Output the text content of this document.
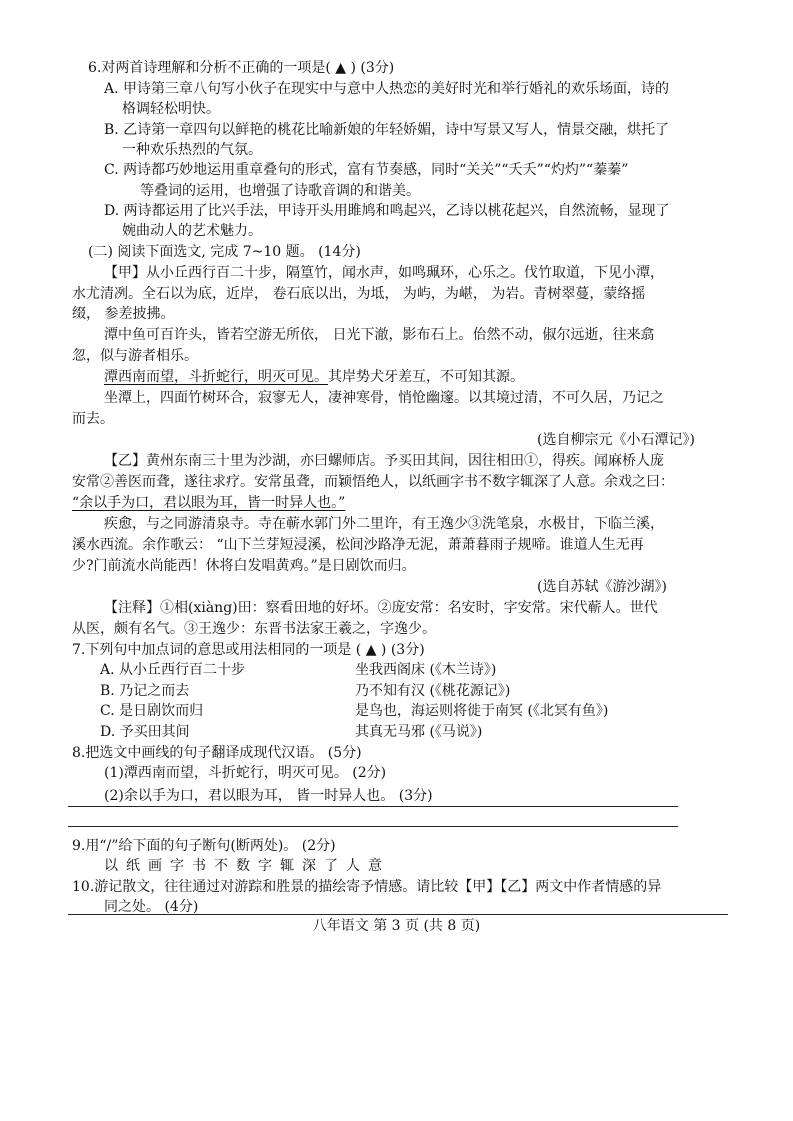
6.对两首诗理解和分析不正确的一项是( ▲ ) (3分)
A. 甲诗第三章八句写小伙子在现实中与意中人热恋的美好时光和举行婚礼的欢乐场面，诗的
格调轻松明快。
B. 乙诗第一章四句以鲜艳的桃花比喻新娘的年轻娇媚，诗中写景又写人，情景交融，烘托了
一种欢乐热烈的气氛。
C. 两诗都巧妙地运用重章叠句的形式，富有节奏感，同时“关关”“夭夭”“灼灼”“蓁蓁”
等叠词的运用，也增强了诗歌音调的和谐美。
D. 两诗都运用了比兴手法，甲诗开头用雎鸠和鸣起兴，乙诗以桃花起兴，自然流畅，显现了
婉曲动人的艺术魅力。
(二) 阅读下面选文, 完成 7~10 题。 (14分)
【甲】从小丘西行百二十步，隔篁竹，闻水声，如鸣珮环，心乐之。伐竹取道，下见小潭，
水尤清冽。全石以为底，近岸， 卷石底以出，为坻， 为屿，为嵁， 为岩。青树翠蔓，蒙络摇
缀， 参差披拂。
潭中鱼可百许头，皆若空游无所依， 日光下澈，影布石上。佁然不动，俶尔远逝，往来翕
忽，似与游者相乐。
潭西南而望，斗折蛇行，明灭可见。其岸势犬牙差互，不可知其源。
坐潭上，四面竹树环合，寂寥无人，凄神寒骨，悄怆幽邃。以其境过清，不可久居，乃记之
而去。
(选自柳宗元《小石潭记》)
【乙】黄州东南三十里为沙湖，亦曰螺师店。予买田其间，因往相田①，得疾。闻麻桥人庞
安常②善医而聋，遂往求疗。安常虽聋，而颖悟绝人，以纸画字书不数字辄深了人意。余戏之曰：
“余以手为口，君以眼为耳，皆一时异人也。”
疾愈，与之同游清泉寺。寺在蕲水郭门外二里许，有王逸少③洗笔泉，水极甘，下临兰溪，
溪水西流。余作歌云： “山下兰芽短浸溪，松间沙路净无泥，萧萧暮雨子规啼。谁道人生无再
少?门前流水尚能西！休将白发唱黄鸡。”是日剧饮而归。
(选自苏轼《游沙湖》)
【注释】①相(xiàng)田：察看田地的好坏。②庞安常：名安时，字安常。宋代蕲人。世代
从医，颇有名气。③王逸少：东晋书法家王羲之，字逸少。
7.下列句中加点词的意思或用法相同的一项是 ( ▲ ) (3分)
A. 从小丘西行百二十步	坐我西阁床 (《木兰诗》)
B. 乃记之而去	乃不知有汉 (《桃花源记》)
C. 是日剧饮而归	是鸟也，海运则将徙于南冥 (《北冥有鱼》)
D. 予买田其间	其真无马邪 (《马说》)
8.把选文中画线的句子翻译成现代汉语。 (5分)
(1)潭西南而望，斗折蛇行，明灭可见。 (2分)
(2)余以手为口，君以眼为耳， 皆一时异人也。 (3分)
9.用“/”给下面的句子断句(断两处)。 (2分)
以纸画字书不数字辄深了人意
10.游记散文，往往通过对游踪和胜景的描绘寄予情感。请比较【甲】【乙】两文中作者情感的异
同之处。 (4分)
八年语文 第 3 页 (共 8 页)
